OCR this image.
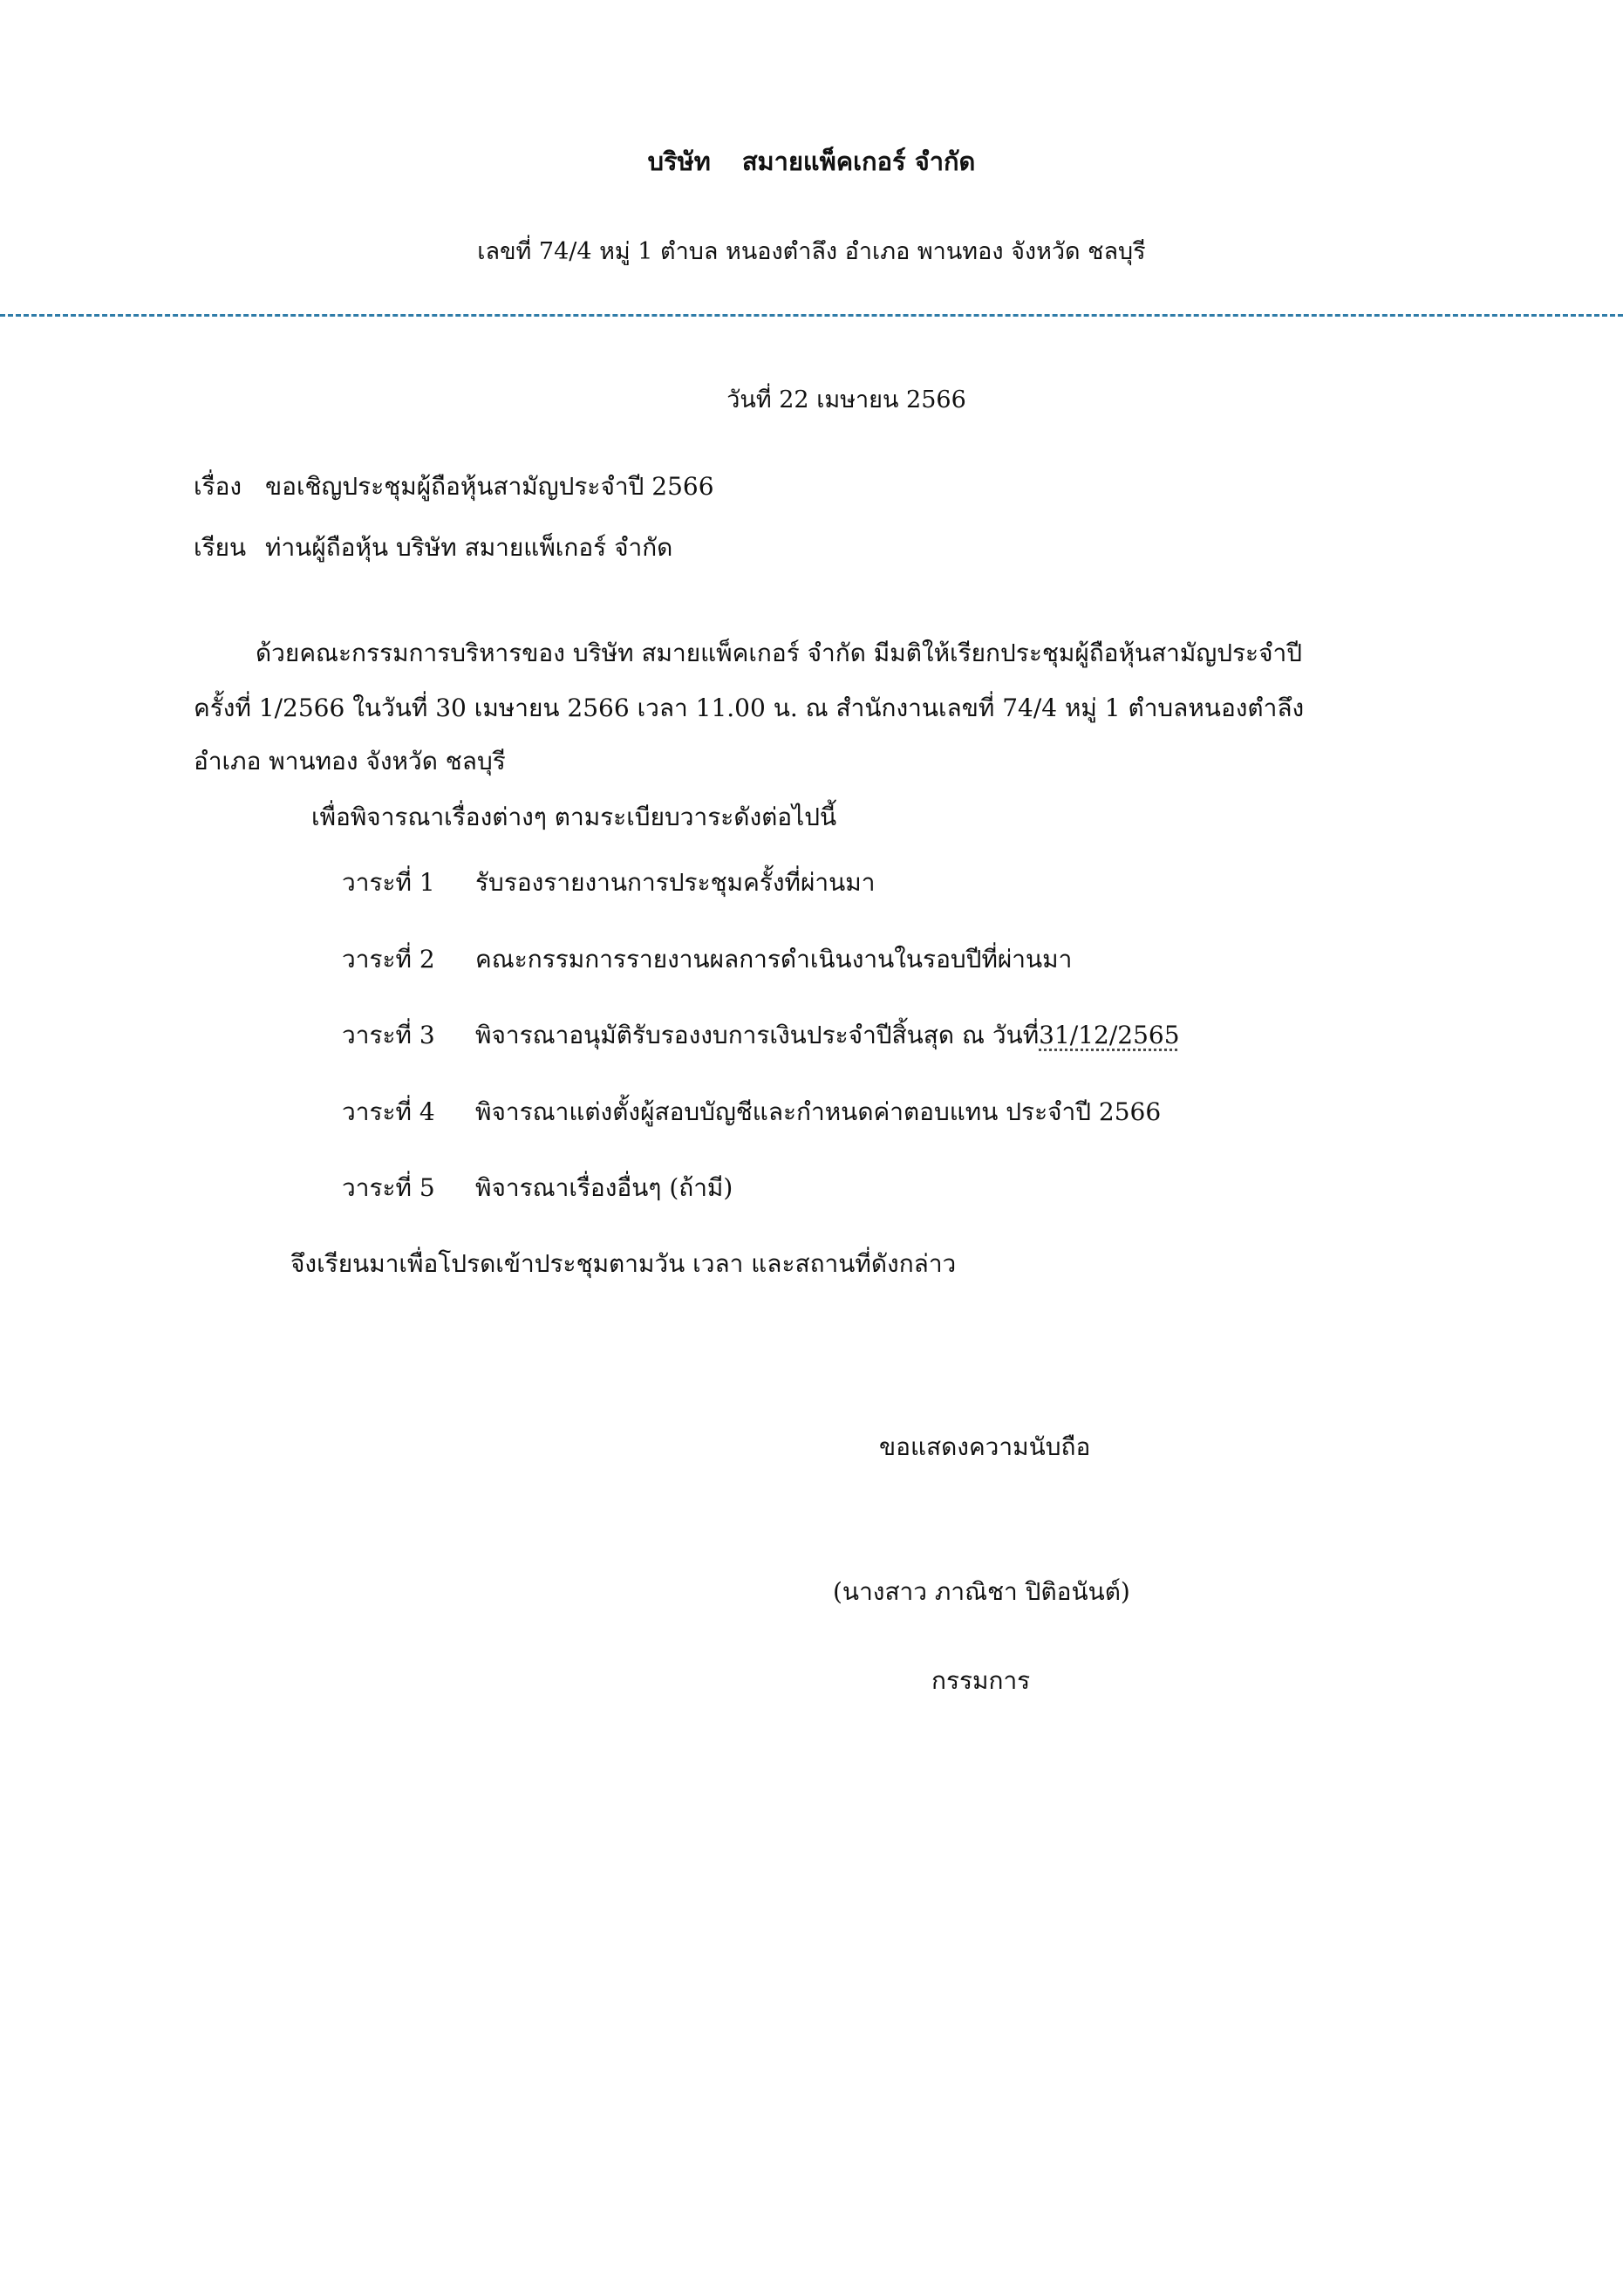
บริษัท สมายแพ็คเกอร์ จำกัด
เลขที่ 74/4 หมู่ 1 ตำบล หนองตำลึง อำเภอ พานทอง จังหวัด ชลบุรี
วันที่ 22 เมษายน 2566
เรื่อง ขอเชิญประชุมผู้ถือหุ้นสามัญประจำปี 2566
เรียน ท่านผู้ถือหุ้น บริษัท สมายแพ็เกอร์ จำกัด
ด้วยคณะกรรมการบริหารของ บริษัท สมายแพ็คเกอร์ จำกัด มีมติให้เรียกประชุมผู้ถือหุ้นสามัญประจำปี
ครั้งที่ 1/2566 ในวันที่ 30 เมษายน 2566 เวลา 11.00 น. ณ สำนักงานเลขที่ 74/4 หมู่ 1 ตำบลหนองตำลึง
อำเภอ พานทอง จังหวัด ชลบุรี
เพื่อพิจารณาเรื่องต่างๆ ตามระเบียบวาระดังต่อไปนี้
วาระที่ 1 รับรองรายงานการประชุมครั้งที่ผ่านมา
วาระที่ 2 คณะกรรมการรายงานผลการดำเนินงานในรอบปีที่ผ่านมา
วาระที่ 3 พิจารณาอนุมัติรับรองงบการเงินประจำปีสิ้นสุด ณ วันที่31/12/2565
วาระที่ 4 พิจารณาแต่งตั้งผู้สอบบัญชีและกำหนดค่าตอบแทน ประจำปี 2566
วาระที่ 5 พิจารณาเรื่องอื่นๆ (ถ้ามี)
จึงเรียนมาเพื่อโปรดเข้าประชุมตามวัน เวลา และสถานที่ดังกล่าว
ขอแสดงความนับถือ
(นางสาว ภาณิชา ปิติอนันต์)
กรรมการ
